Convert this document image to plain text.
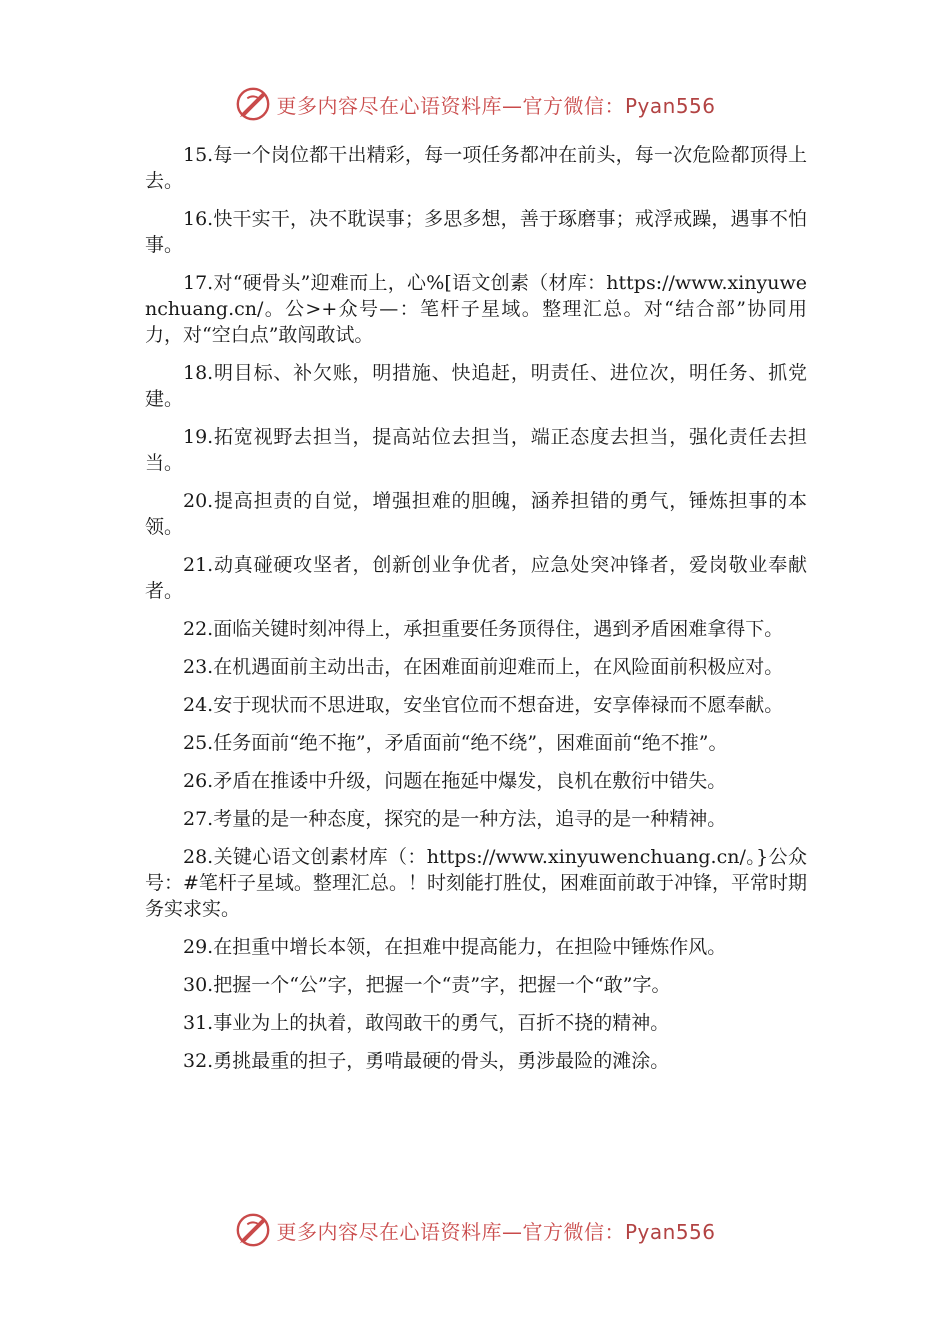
更多内容尽在心语资料库—官方微信：Pyan556

15.每一个岗位都干出精彩，每一项任务都冲在前头，每一次危险都顶得上去。

16.快干实干，决不耽误事；多思多想，善于琢磨事；戒浮戒躁，遇事不怕事。

17.对“硬骨头”迎难而上，心%[语文创素（材库：https://www.xinyuwenchuang.cn/。公>+众号—：笔杆子星域。整理汇总。对“结合部”协同用力，对“空白点”敢闯敢试。

18.明目标、补欠账，明措施、快追赶，明责任、进位次，明任务、抓党建。

19.拓宽视野去担当，提高站位去担当，端正态度去担当，强化责任去担当。

20.提高担责的自觉，增强担难的胆魄，涵养担错的勇气，锤炼担事的本领。

21.动真碰硬攻坚者，创新创业争优者，应急处突冲锋者，爱岗敬业奉献者。

22.面临关键时刻冲得上，承担重要任务顶得住，遇到矛盾困难拿得下。

23.在机遇面前主动出击，在困难面前迎难而上，在风险面前积极应对。

24.安于现状而不思进取，安坐官位而不想奋进，安享俸禄而不愿奉献。

25.任务面前“绝不拖”，矛盾面前“绝不绕”，困难面前“绝不推”。

26.矛盾在推诿中升级，问题在拖延中爆发，良机在敷衍中错失。

27.考量的是一种态度，探究的是一种方法，追寻的是一种精神。

28.关键心语文创素材库（：https://www.xinyuwenchuang.cn/。}公众号：#笔杆子星域。整理汇总。！时刻能打胜仗，困难面前敢于冲锋，平常时期务实求实。

29.在担重中增长本领，在担难中提高能力，在担险中锤炼作风。

30.把握一个“公”字，把握一个“责”字，把握一个“敢”字。

31.事业为上的执着，敢闯敢干的勇气，百折不挠的精神。

32.勇挑最重的担子，勇啃最硬的骨头，勇涉最险的滩涂。

更多内容尽在心语资料库—官方微信：Pyan556
